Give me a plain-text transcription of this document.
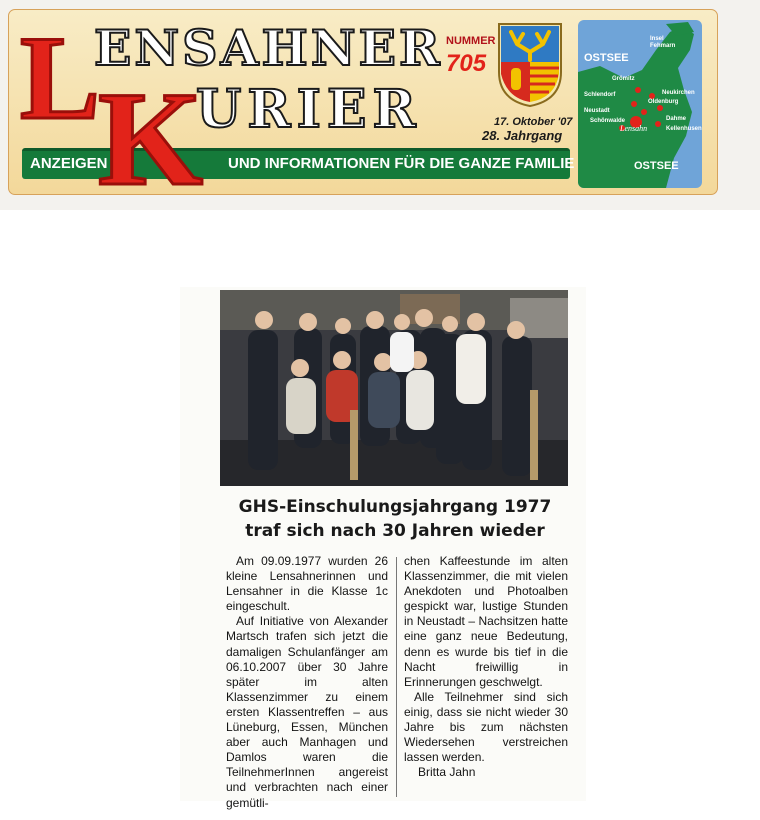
ANZEIGEN	UND INFORMATIONEN FÜR DIE GANZE FAMILIE
L
K
ENSAHNER
URIER
NUMMER
705
17. Oktober '07
28. Jahrgang
OSTSEE
OSTSEE
Lensahn
Insel Fehmarn
Grömitz
Neukirchen
Oldenburg
Schlendorf
Neustadt
Schönwalde	Dahme
Kellenhusen
GHS-Einschulungsjahrgang 1977
traf sich nach 30 Jahren wieder

Am 09.09.1977 wurden 26 kleine Lensahnerinnen und Lensahner in die Klasse 1c eingeschult.

Auf Initiative von Alexander Martsch trafen sich jetzt die damaligen Schulanfänger am 06.10.2007 über 30 Jahre später im alten Klassenzimmer zu einem ersten Klassentreffen – aus Lüneburg, Essen, München aber auch Manhagen und Damlos waren die TeilnehmerInnen angereist und verbrachten nach einer gemütli-

chen Kaffeestunde im alten Klassenzimmer, die mit vielen Anekdoten und Photoalben gespickt war, lustige Stunden in Neustadt – Nachsitzen hatte eine ganz neue Bedeutung, denn es wurde bis tief in die Nacht freiwillig in Erinnerungen geschwelgt.

Alle Teilnehmer sind sich einig, dass sie nicht wieder 30 Jahre bis zum nächsten Wiedersehen verstreichen lassen werden.

Britta Jahn
